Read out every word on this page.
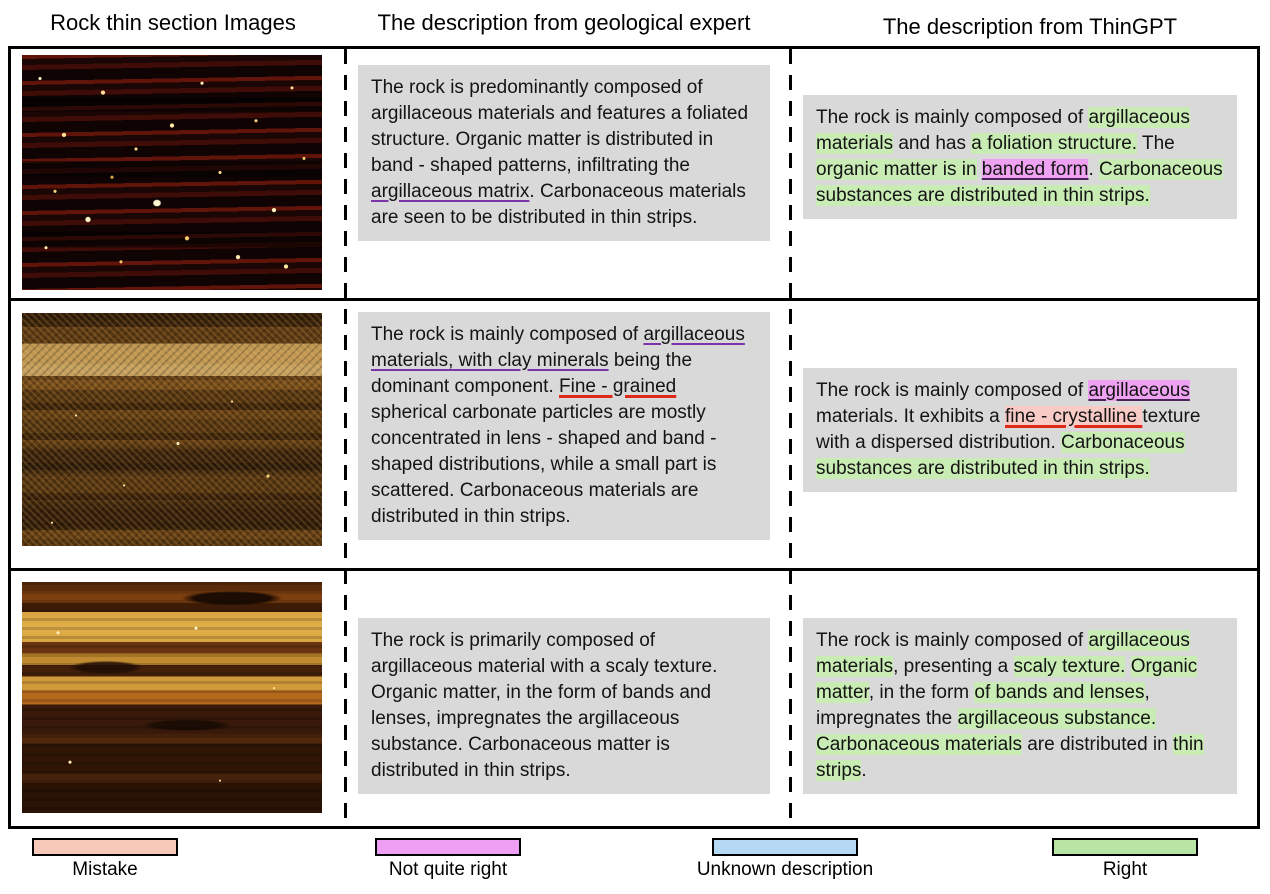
Rock thin section Images	The description from geological expert	The description from ThinGPT
The rock is predominantly composed of argillaceous materials and features a foliated structure. Organic matter is distributed in band - shaped patterns, infiltrating the argillaceous matrix. Carbonaceous materials are seen to be distributed in thin strips.
The rock is mainly composed of argillaceous materials and has a foliation structure. The organic matter is in banded form. Carbonaceous substances are distributed in thin strips.
The rock is mainly composed of argillaceous materials, with clay minerals being the dominant component. Fine - grained spherical carbonate particles are mostly concentrated in lens - shaped and band - shaped distributions, while a small part is scattered. Carbonaceous materials are distributed in thin strips.
The rock is mainly composed of argillaceous materials. It exhibits a fine - crystalline texture with a dispersed distribution. Carbonaceous substances are distributed in thin strips.
The rock is primarily composed of argillaceous material with a scaly texture. Organic matter, in the form of bands and lenses, impregnates the argillaceous substance. Carbonaceous matter is distributed in thin strips.
The rock is mainly composed of argillaceous materials, presenting a scaly texture. Organic matter, in the form of bands and lenses, impregnates the argillaceous substance. Carbonaceous materials are distributed in thin strips.
Mistake	Not quite right	Unknown description	Right
